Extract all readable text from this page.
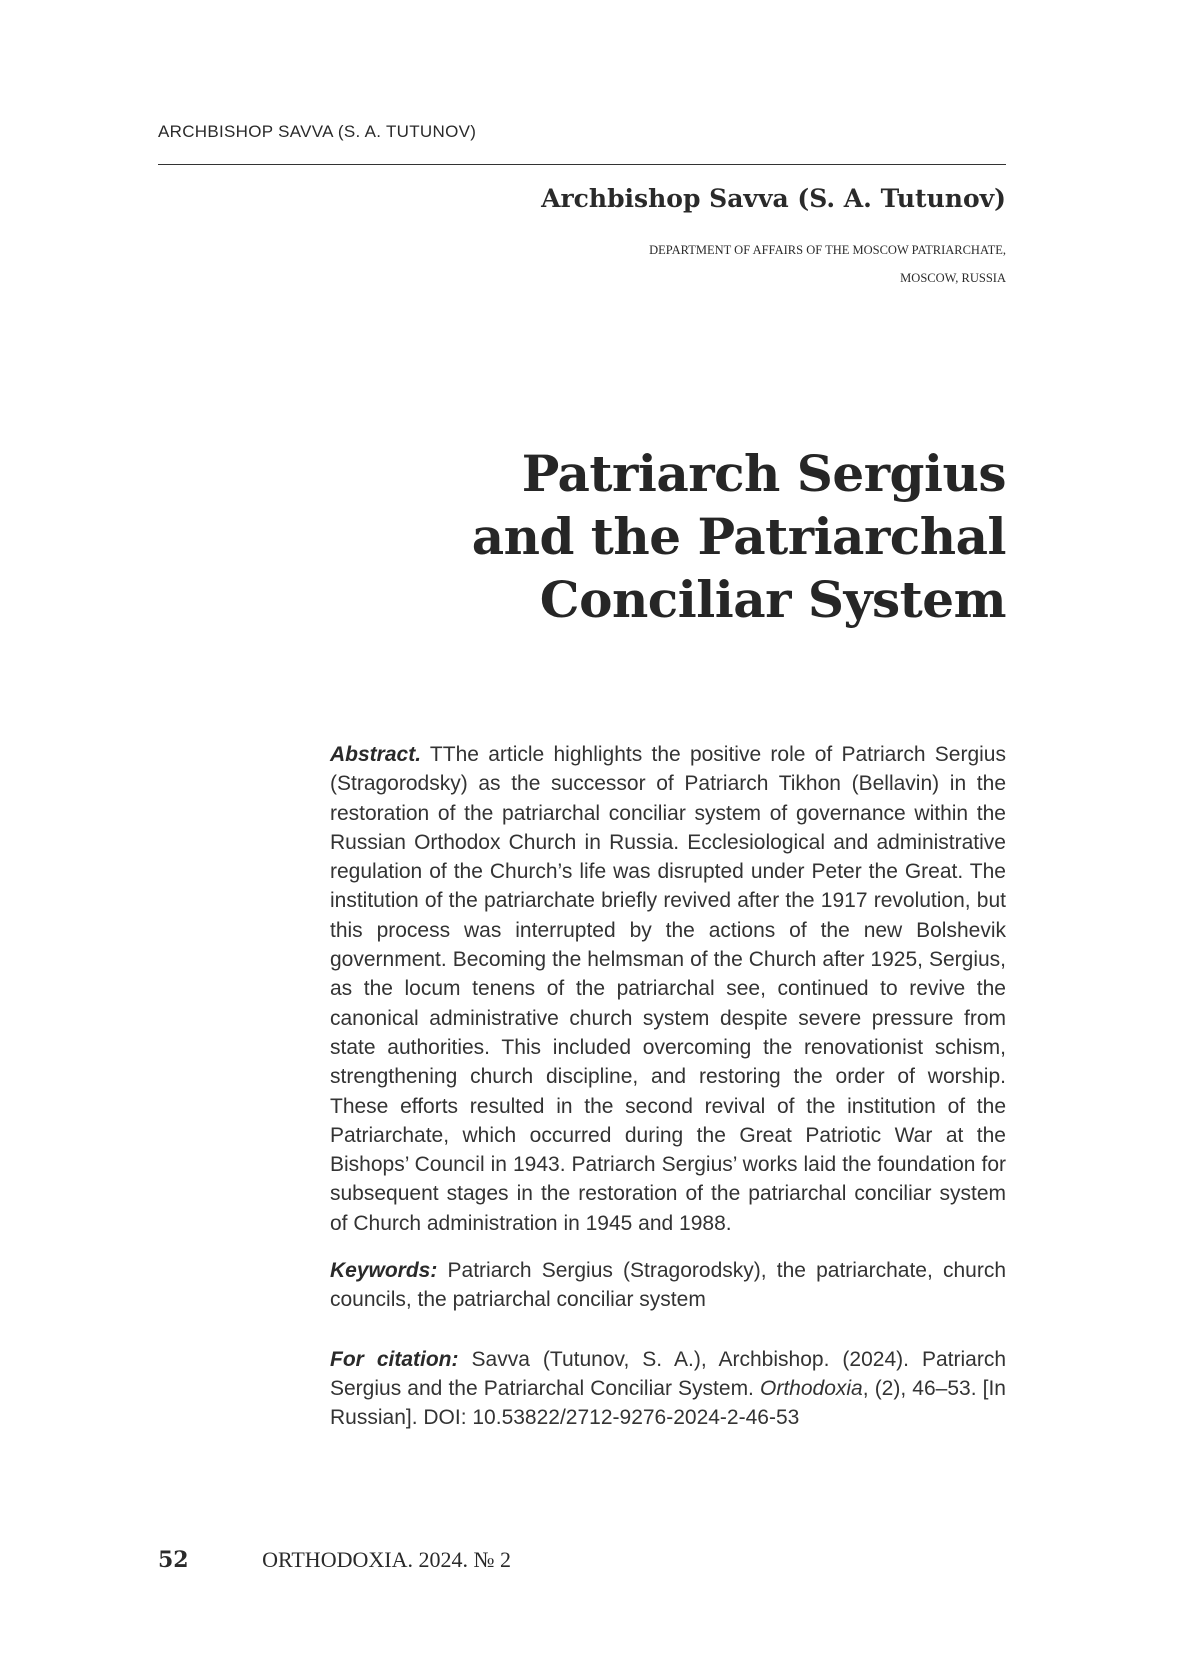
ARCHBISHOP SAVVA (S. A. TUTUNOV)
Archbishop Savva (S. A. Tutunov)
DEPARTMENT OF AFFAIRS OF THE MOSCOW PATRIARCHATE,
MOSCOW, RUSSIA
Patriarch Sergius
and the Patriarchal
Conciliar System

Abstract. TThe article highlights the positive role of Patriarch Sergius (Stragorodsky) as the successor of Patriarch Tikhon (Bellavin) in the restoration of the patriarchal conciliar system of governance within the Russian Orthodox Church in Russia. Ecclesiological and administrative regulation of the Church’s life was disrupted under Peter the Great. The institution of the patriarchate briefly revived after the 1917 revolution, but this process was interrupted by the actions of the new Bolshevik government. Becoming the helmsman of the Church after 1925, Sergius, as the locum tenens of the patriarchal see, continued to revive the canonical administrative church system despite severe pressure from state authorities. This included overcoming the renovationist schism, strengthening church discipline, and restoring the order of worship. These efforts resulted in the second revival of the institution of the Patriarchate, which occurred during the Great Patriotic War at the Bishops’ Council in 1943. Patriarch Sergius’ works laid the foundation for subsequent stages in the restoration of the patriarchal conciliar system of Church administration in 1945 and 1988.

Keywords: Patriarch Sergius (Stragorodsky), the patriarchate, church councils, the patriarchal conciliar system

For citation: Savva (Tutunov, S. A.), Archbishop. (2024). Patriarch Sergius and the Patriarchal Conciliar System. Orthodoxia, (2), 46–53. [In Russian]. DOI: 10.53822/2712-9276-2024-2-46-53

52	ORTHODOXIA. 2024. № 2
